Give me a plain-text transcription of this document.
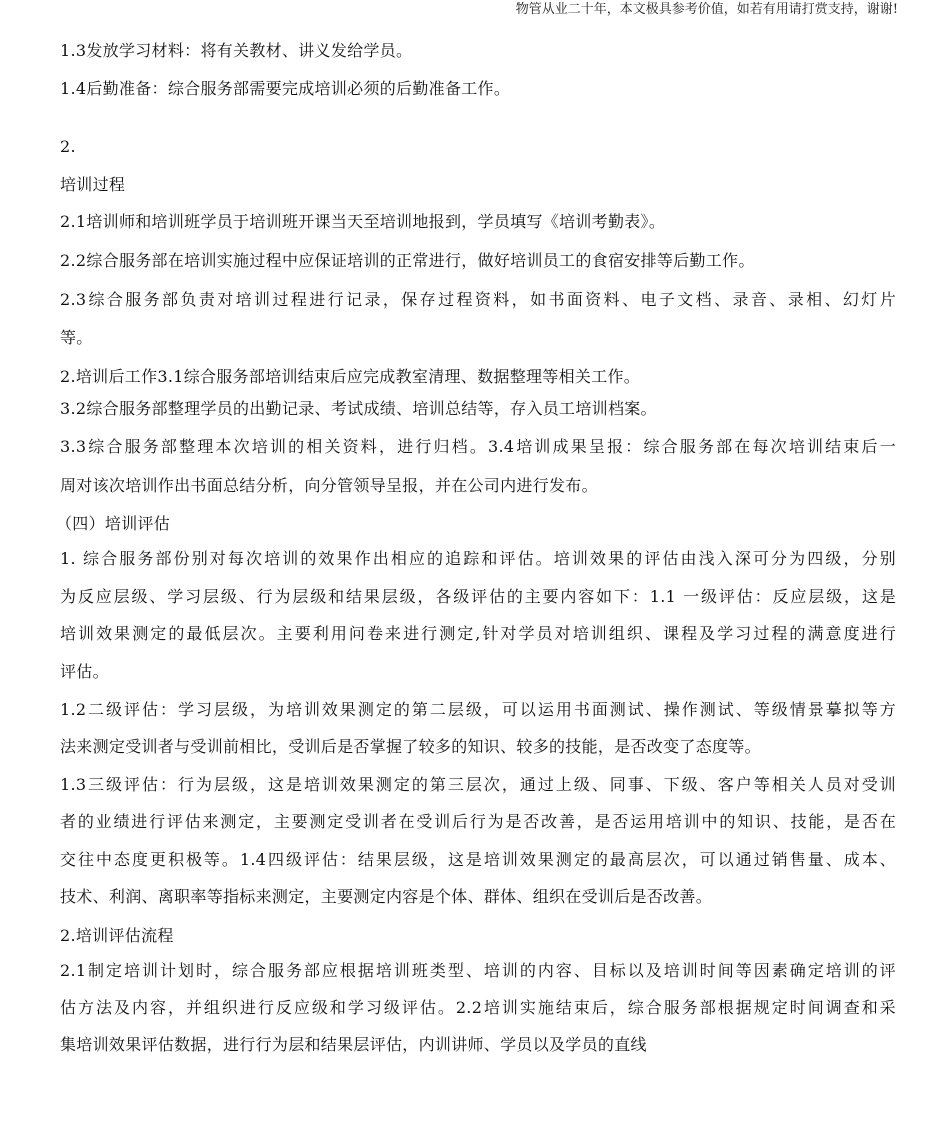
物管从业二十年，本文极具参考价值，如若有用请打赏支持，谢谢!
1.3发放学习材料：将有关教材、讲义发给学员。
1.4后勤准备：综合服务部需要完成培训必须的后勤准备工作。
2.
培训过程
2.1培训师和培训班学员于培训班开课当天至培训地报到，学员填写《培训考勤表》。
2.2综合服务部在培训实施过程中应保证培训的正常进行，做好培训员工的食宿安排等后勤工作。
2.3综合服务部负责对培训过程进行记录，保存过程资料，如书面资料、电子文档、录音、录相、幻灯片
等。
2.培训后工作3.1综合服务部培训结束后应完成教室清理、数据整理等相关工作。
3.2综合服务部整理学员的出勤记录、考试成绩、培训总结等，存入员工培训档案。
3.3综合服务部整理本次培训的相关资料，进行归档。3.4培训成果呈报：综合服务部在每次培训结束后一
周对该次培训作出书面总结分析，向分管领导呈报，并在公司内进行发布。
（四）培训评估
1. 综合服务部份别对每次培训的效果作出相应的追踪和评估。培训效果的评估由浅入深可分为四级，分别
为反应层级、学习层级、行为层级和结果层级，各级评估的主要内容如下：1.1 一级评估：反应层级，这是
培训效果测定的最低层次。主要利用问卷来进行测定,针对学员对培训组织、课程及学习过程的满意度进行
评估。
1.2二级评估：学习层级，为培训效果测定的第二层级，可以运用书面测试、操作测试、等级情景摹拟等方
法来测定受训者与受训前相比，受训后是否掌握了较多的知识、较多的技能，是否改变了态度等。
1.3三级评估：行为层级，这是培训效果测定的第三层次，通过上级、同事、下级、客户等相关人员对受训
者的业绩进行评估来测定，主要测定受训者在受训后行为是否改善，是否运用培训中的知识、技能，是否在
交往中态度更积极等。1.4四级评估：结果层级，这是培训效果测定的最高层次，可以通过销售量、成本、
技术、利润、离职率等指标来测定，主要测定内容是个体、群体、组织在受训后是否改善。
2.培训评估流程
2.1制定培训计划时，综合服务部应根据培训班类型、培训的内容、目标以及培训时间等因素确定培训的评
估方法及内容，并组织进行反应级和学习级评估。2.2培训实施结束后，综合服务部根据规定时间调查和采
集培训效果评估数据，进行行为层和结果层评估，内训讲师、学员以及学员的直线
